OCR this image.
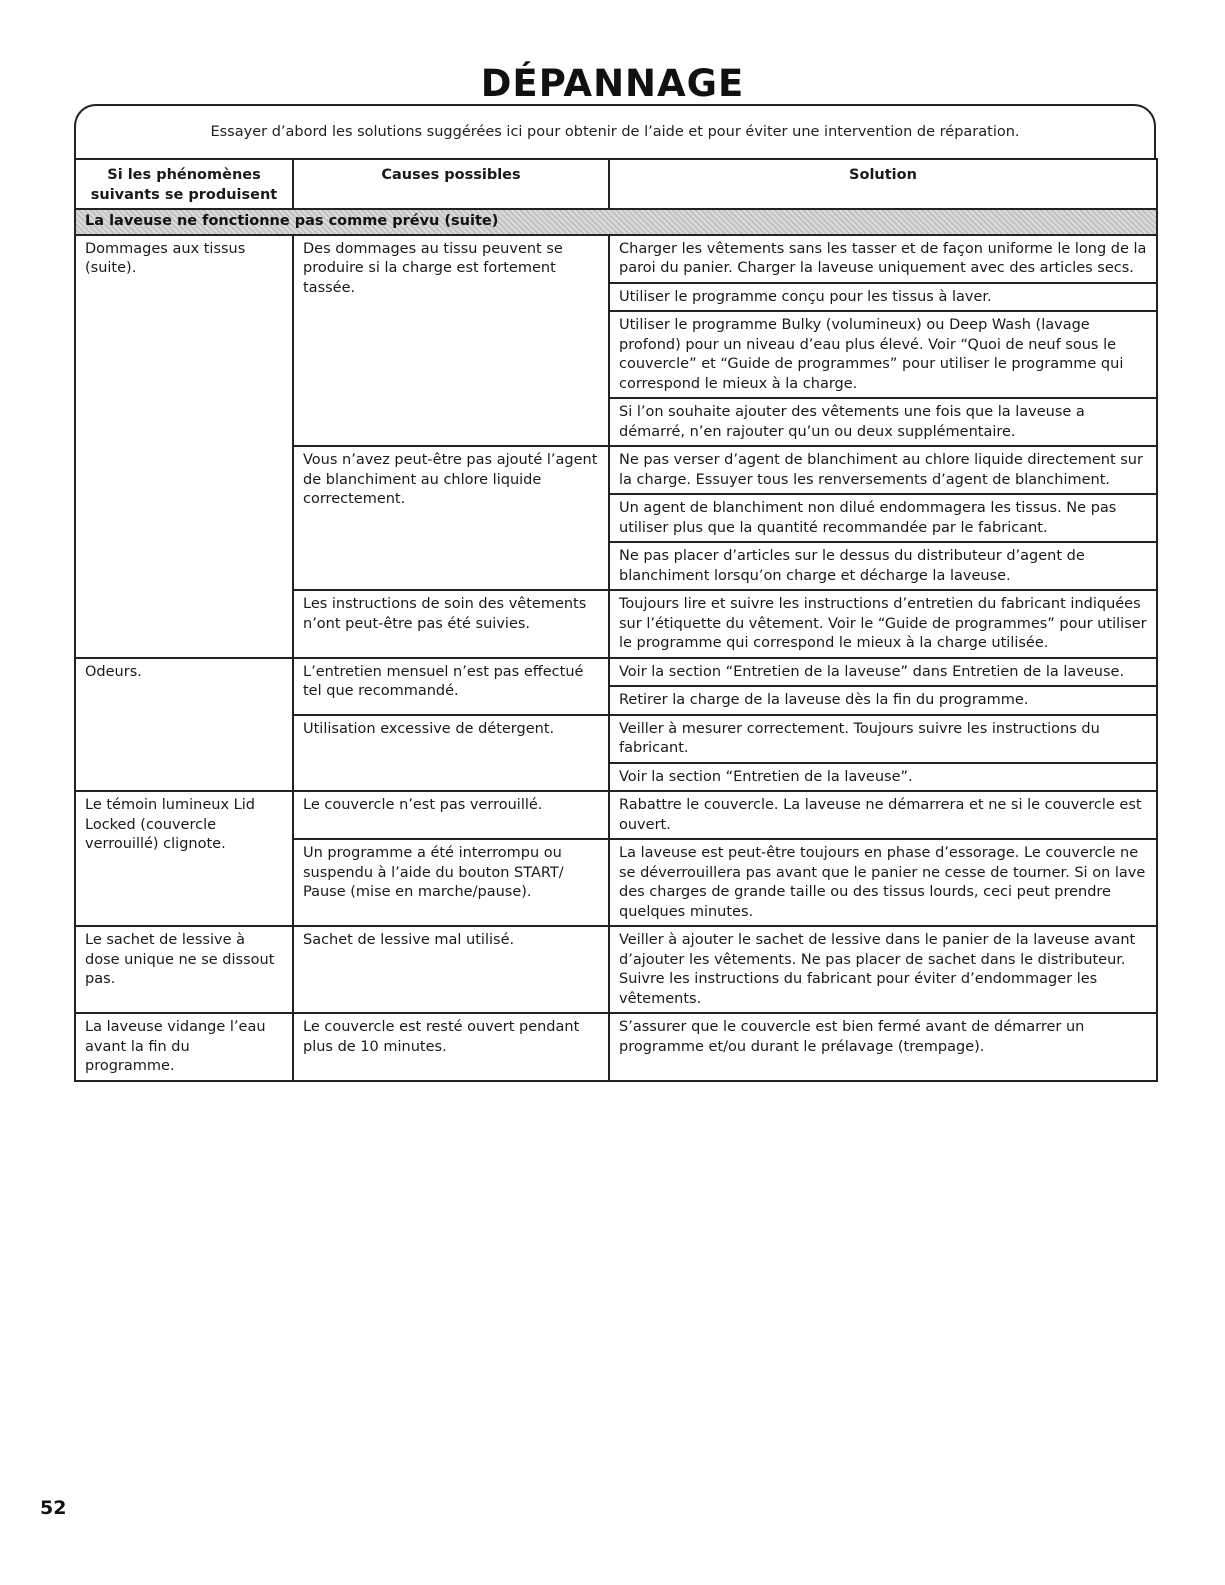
DÉPANNAGE
Essayer d’abord les solutions suggérées ici pour obtenir de l’aide et pour éviter une intervention de réparation.
Si les phénomènes suivants se produisent	Causes possibles	Solution
La laveuse ne fonctionne pas comme prévu (suite)		
Dommages aux tissus (suite).	Des dommages au tissu peuvent se produire si la charge est fortement tassée.	Charger les vêtements sans les tasser et de façon uniforme le long de la paroi du panier. Charger la laveuse uniquement avec des articles secs.
		Utiliser le programme conçu pour les tissus à laver.
		Utiliser le programme Bulky (volumineux) ou Deep Wash (lavage profond) pour un niveau d’eau plus élevé. Voir “Quoi de neuf sous le couvercle” et “Guide de programmes” pour utiliser le programme qui correspond le mieux à la charge.
		Si l’on souhaite ajouter des vêtements une fois que la laveuse a démarré, n’en rajouter qu’un ou deux supplémentaire.
	Vous n’avez peut-être pas ajouté l’agent de blanchiment au chlore liquide correctement.	Ne pas verser d’agent de blanchiment au chlore liquide directement sur la charge. Essuyer tous les renversements d’agent de blanchiment.
		Un agent de blanchiment non dilué endommagera les tissus. Ne pas utiliser plus que la quantité recommandée par le fabricant.
		Ne pas placer d’articles sur le dessus du distributeur d’agent de blanchiment lorsqu’on charge et décharge la laveuse.
	Les instructions de soin des vêtements n’ont peut-être pas été suivies.	Toujours lire et suivre les instructions d’entretien du fabricant indiquées sur l’étiquette du vêtement. Voir le “Guide de programmes” pour utiliser le programme qui correspond le mieux à la charge utilisée.
Odeurs.	L’entretien mensuel n’est pas effectué tel que recommandé.	Voir la section “Entretien de la laveuse” dans Entretien de la laveuse.
		Retirer la charge de la laveuse dès la fin du programme.
	Utilisation excessive de détergent.	Veiller à mesurer correctement. Toujours suivre les instructions du fabricant.
		Voir la section “Entretien de la laveuse”.
Le témoin lumineux Lid Locked (couvercle verrouillé) clignote.	Le couvercle n’est pas verrouillé.	Rabattre le couvercle. La laveuse ne démarrera et ne si le couvercle est ouvert.
	Un programme a été interrompu ou suspendu à l’aide du bouton START/ Pause (mise en marche/pause).	La laveuse est peut-être toujours en phase d’essorage. Le couvercle ne se déverrouillera pas avant que le panier ne cesse de tourner. Si on lave des charges de grande taille ou des tissus lourds, ceci peut prendre quelques minutes.
Le sachet de lessive à dose unique ne se dissout pas.	Sachet de lessive mal utilisé.	Veiller à ajouter le sachet de lessive dans le panier de la laveuse avant d’ajouter les vêtements. Ne pas placer de sachet dans le distributeur. Suivre les instructions du fabricant pour éviter d’endommager les vêtements.
La laveuse vidange l’eau avant la fin du programme.	Le couvercle est resté ouvert pendant plus de 10 minutes.	S’assurer que le couvercle est bien fermé avant de démarrer un programme et/ou durant le prélavage (trempage).
52
